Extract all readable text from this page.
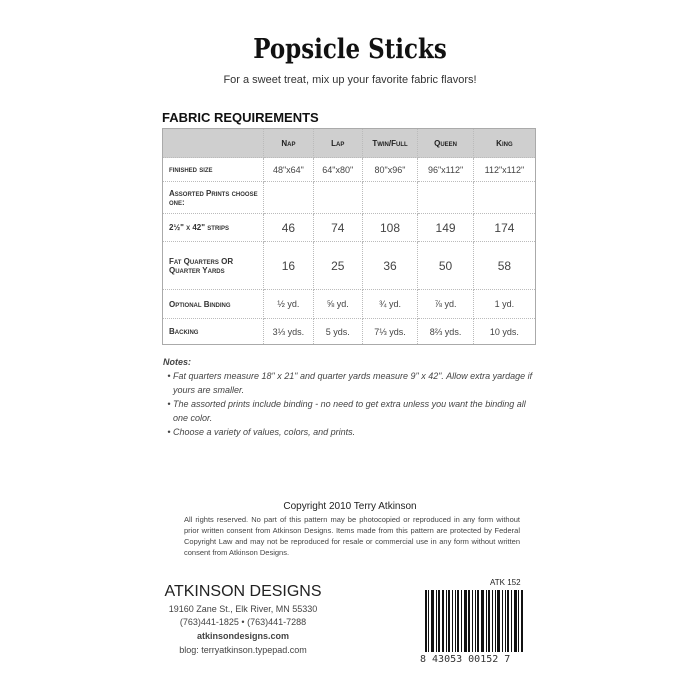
Popsicle Sticks
For a sweet treat, mix up your favorite fabric flavors!
FABRIC REQUIREMENTS
	Nap	Lap	Twin/Full	Queen	King
finished size	48"x64"	64"x80"	80"x96"	96"x112"	112"x112"
Assorted Prints choose one:					
2½" x 42" strips	46	74	108	149	174
Fat Quarters OR Quarter Yards	16	25	36	50	58
Optional Binding	½ yd.	⅝ yd.	¾ yd.	⅞ yd.	1 yd.
Backing	3⅓ yds.	5 yds.	7⅓ yds.	8⅔ yds.	10 yds.
Notes:
• Fat quarters measure 18" x 21" and quarter yards measure 9" x 42". Allow extra yardage if yours are smaller.
• The assorted prints include binding - no need to get extra unless you want the binding all one color.
• Choose a variety of values, colors, and prints.
Copyright 2010 Terry Atkinson
All rights reserved. No part of this pattern may be photocopied or reproduced in any form without prior written consent from Atkinson Designs. Items made from this pattern are protected by Federal Copyright Law and may not be reproduced for resale or commercial use in any form without written consent from Atkinson Designs.
ATKINSON DESIGNS
19160 Zane St., Elk River, MN 55330
(763)441-1825 • (763)441-7288
atkinsondesigns.com
blog: terryatkinson.typepad.com
ATK 152
8 43053 00152 7
